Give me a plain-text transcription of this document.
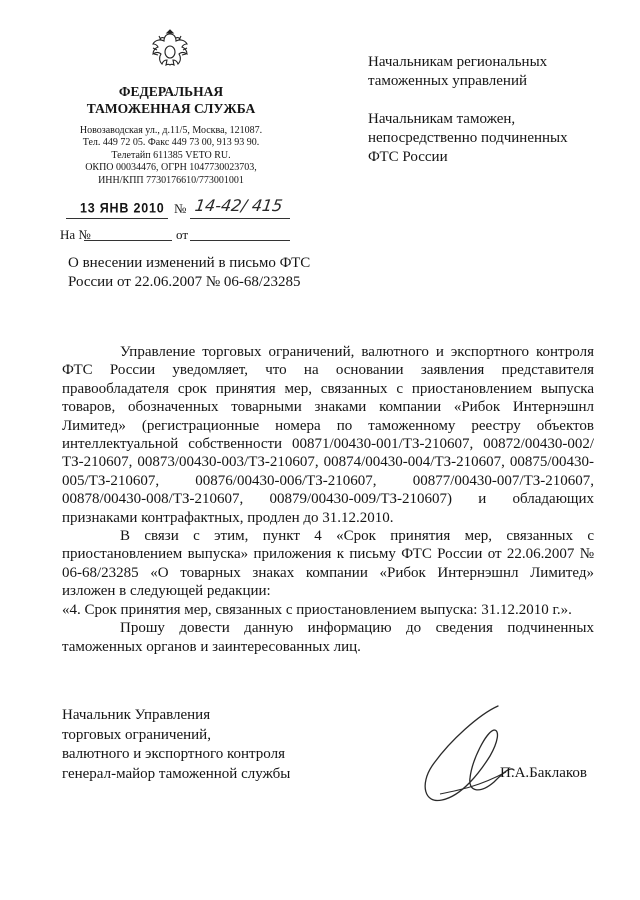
ФЕДЕРАЛЬНАЯ
ТАМОЖЕННАЯ СЛУЖБА
Новозаводская ул., д.11/5, Москва, 121087.
Тел. 449 72 05. Факс 449 73 00, 913 93 90.
Телетайп 611385 VETO RU.
ОКПО 00034476, ОГРН 1047730023703,
ИНН/КПП 7730176610/773001001
Начальникам региональных
таможенных управлений
Начальникам таможен,
непосредственно подчиненных
ФТС России
13 ЯНВ 2010 № 14-42/ 415
На №	от
О внесении изменений в письмо ФТС
России от 22.06.2007 № 06-68/23285

Управление торговых ограничений, валютного и экспортного контроля ФТС России уведомляет, что на основании заявления представителя правообладателя срок принятия мер, связанных с приостановлением выпуска товаров, обозначенных товарными знаками компании «Рибок Интернэшнл Лимитед» (регистрационные номера по таможенному реестру объектов интеллектуальной собственности 00871/00430-001/ТЗ-210607, 00872/00430-002/ТЗ-210607, 00873/00430-003/ТЗ-210607, 00874/00430-004/ТЗ-210607, 00875/00430-005/ТЗ-210607, 00876/00430-006/ТЗ-210607, 00877/00430-007/ТЗ-210607, 00878/00430-008/ТЗ-210607, 00879/00430-009/ТЗ-210607) и обладающих признаками контрафактных, продлен до 31.12.2010.

В связи с этим, пункт 4 «Срок принятия мер, связанных с приостановлением выпуска» приложения к письму ФТС России от 22.06.2007 № 06-68/23285 «О товарных знаках компании «Рибок Интернэшнл Лимитед» изложен в следующей редакции:

«4. Срок принятия мер, связанных с приостановлением выпуска: 31.12.2010 г.».

Прошу довести данную информацию до сведения подчиненных таможенных органов и заинтересованных лиц.

Начальник Управления
торговых ограничений,
валютного и экспортного контроля
генерал-майор таможенной службы	П.А.Баклаков
